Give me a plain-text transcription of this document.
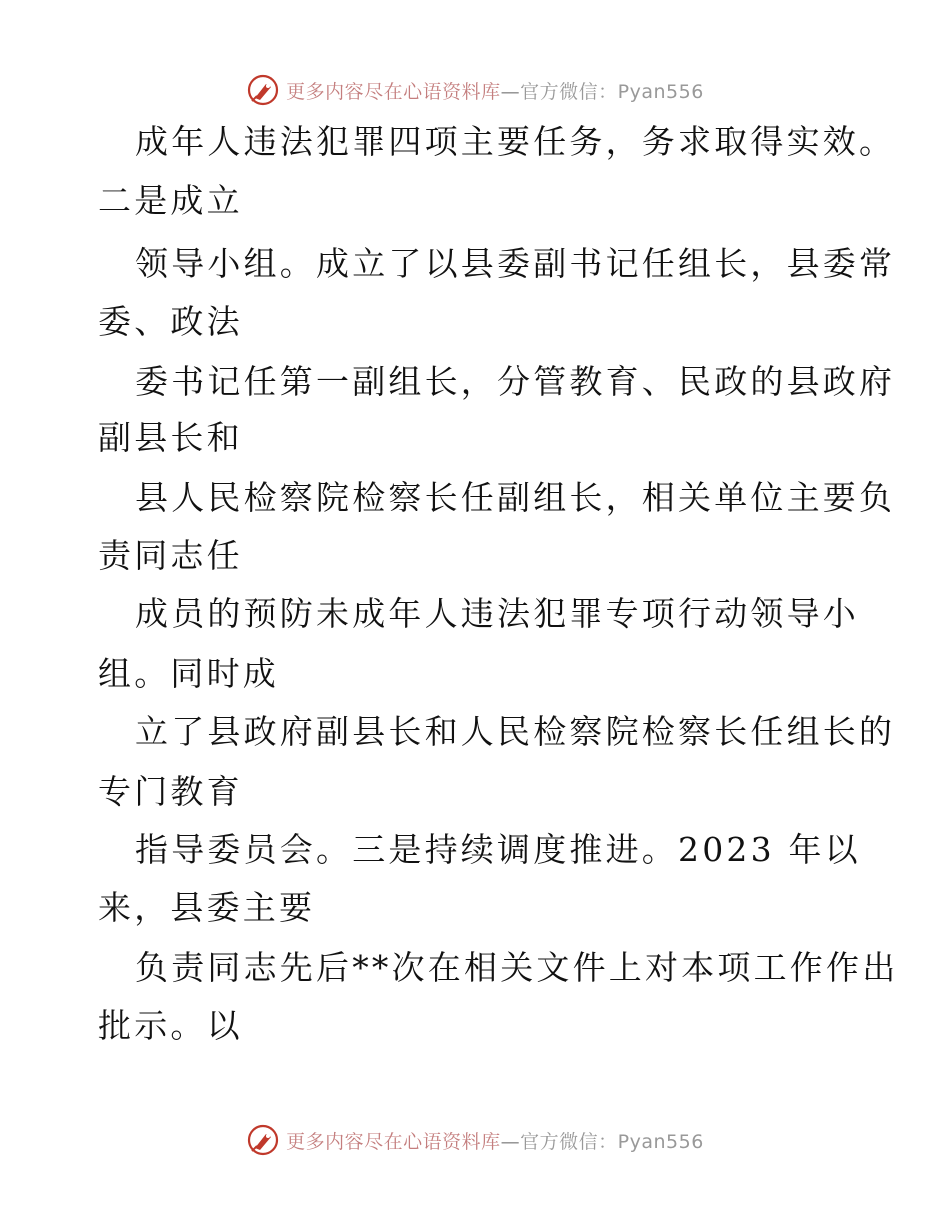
更多内容尽在心语资料库—官方微信：Pyan556
成年人违法犯罪四项主要任务，务求取得实效。
二是成立
领导小组。成立了以县委副书记任组长，县委常
委、政法
委书记任第一副组长，分管教育、民政的县政府
副县长和
县人民检察院检察长任副组长，相关单位主要负
责同志任
成员的预防未成年人违法犯罪专项行动领导小
组。同时成
立了县政府副县长和人民检察院检察长任组长的
专门教育
指导委员会。三是持续调度推进。2023 年以
来，县委主要
负责同志先后**次在相关文件上对本项工作作出
批示。以
更多内容尽在心语资料库—官方微信：Pyan556
